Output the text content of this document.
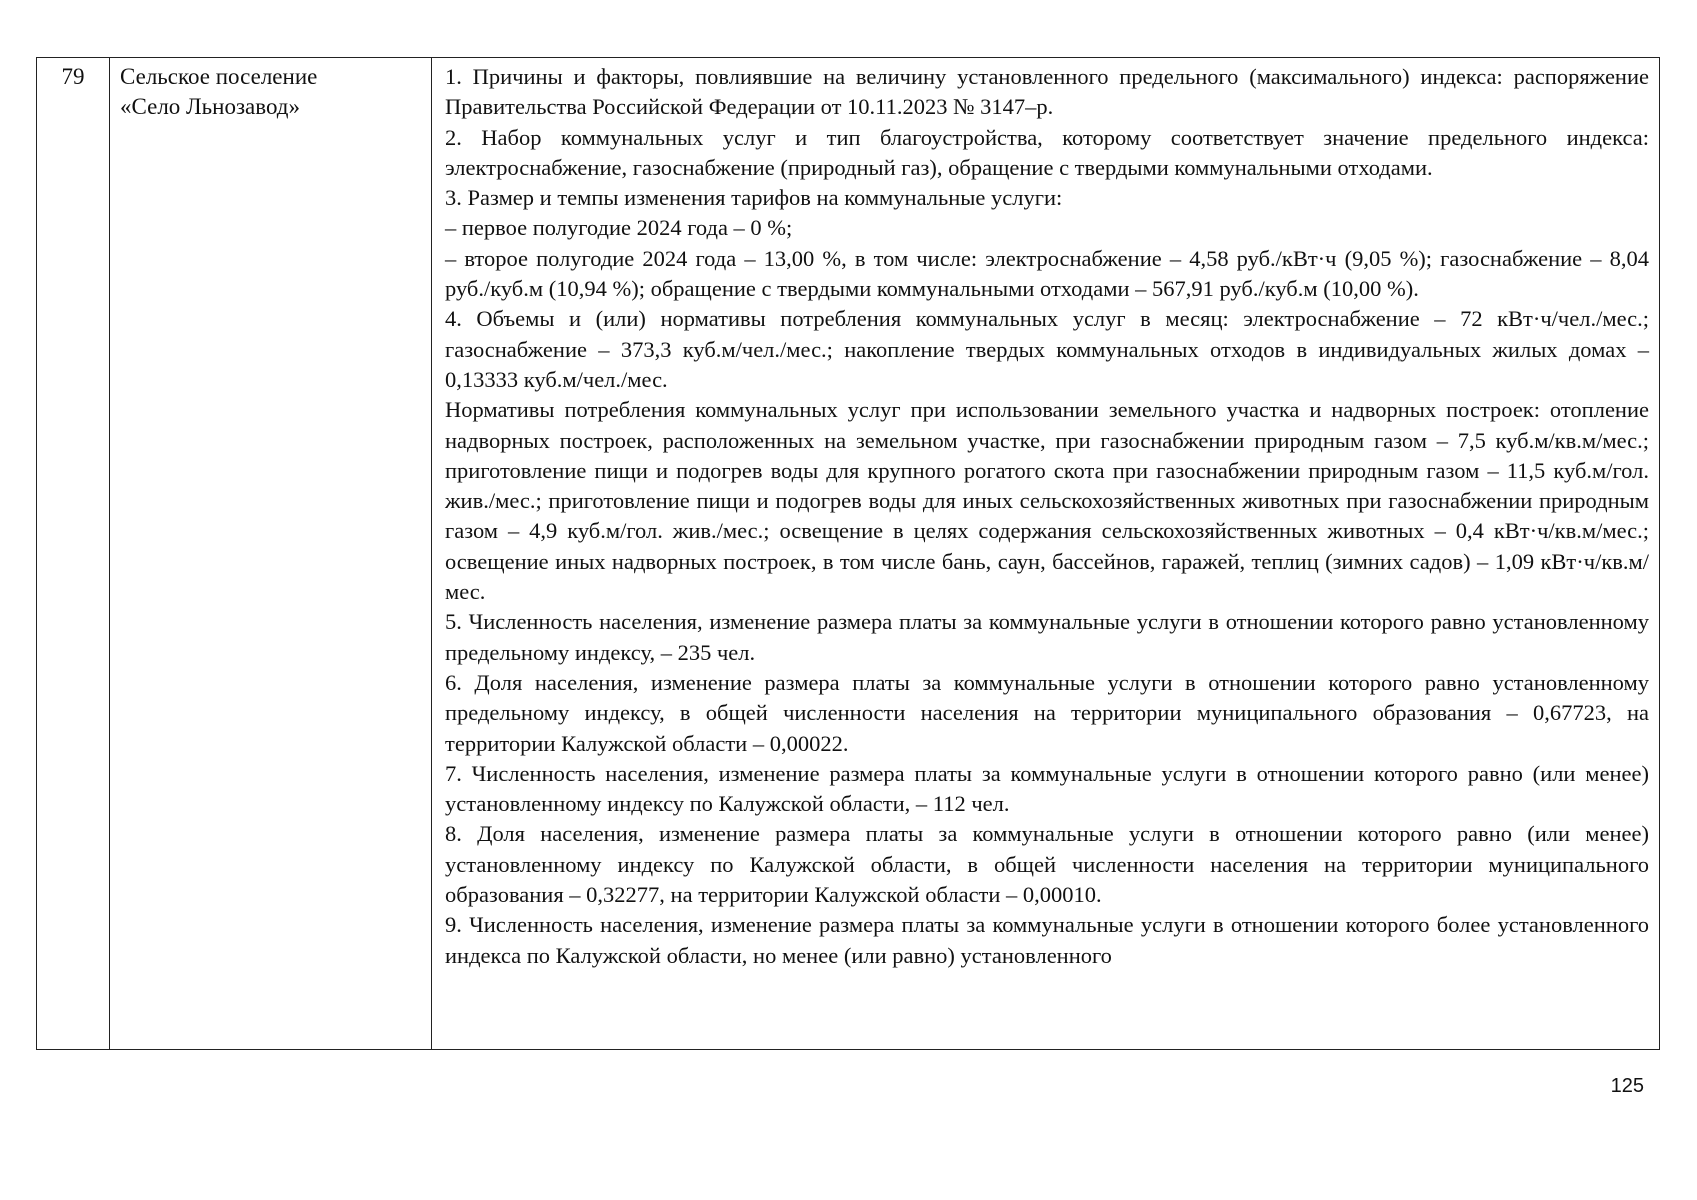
79	Сельское поселение
«Село Льнозавод»

1. Причины и факторы, повлиявшие на величину установленного предельного (максимального) индекса: распоряжение Правительства Российской Федерации от 10.11.2023 № 3147–р.

2. Набор коммунальных услуг и тип благоустройства, которому соответствует значение предельного индекса: электроснабжение, газоснабжение (природный газ), обращение с твердыми коммунальными отходами.

3. Размер и темпы изменения тарифов на коммунальные услуги:

– первое полугодие 2024 года – 0 %;

– второе полугодие 2024 года – 13,00 %, в том числе: электроснабжение – 4,58 руб./кВт·ч (9,05 %); газоснабжение – 8,04 руб./куб.м (10,94 %); обращение с твердыми коммунальными отходами – 567,91 руб./куб.м (10,00 %).

4. Объемы и (или) нормативы потребления коммунальных услуг в месяц: электроснабжение – 72 кВт·ч/чел./мес.; газоснабжение – 373,3 куб.м/чел./мес.; накопление твердых коммунальных отходов в индивидуальных жилых домах – 0,13333 куб.м/чел./мес.

Нормативы потребления коммунальных услуг при использовании земельного участка и надворных построек: отопление надворных построек, расположенных на земельном участке, при газоснабжении природным газом – 7,5 куб.м/кв.м/мес.; приготовление пищи и подогрев воды для крупного рогатого скота при газоснабжении природным газом – 11,5 куб.м/гол. жив./мес.; приготовление пищи и подогрев воды для иных сельскохозяйственных животных при газоснабжении природным газом – 4,9 куб.м/гол. жив./мес.; освещение в целях содержания сельскохозяйственных животных – 0,4 кВт·ч/кв.м/мес.; освещение иных надворных построек, в том числе бань, саун, бассейнов, гаражей, теплиц (зимних садов) – 1,09 кВт·ч/кв.м/мес.

5. Численность населения, изменение размера платы за коммунальные услуги в отношении которого равно установленному предельному индексу, – 235 чел.

6. Доля населения, изменение размера платы за коммунальные услуги в отношении которого равно установленному предельному индексу, в общей численности населения на территории муниципального образования – 0,67723, на территории Калужской области – 0,00022.

7. Численность населения, изменение размера платы за коммунальные услуги в отношении которого равно (или менее) установленному индексу по Калужской области, – 112 чел.

8. Доля населения, изменение размера платы за коммунальные услуги в отношении которого равно (или менее) установленному индексу по Калужской области, в общей численности населения на территории муниципального образования – 0,32277, на территории Калужской области – 0,00010.

9. Численность населения, изменение размера платы за коммунальные услуги в отношении которого более установленного индекса по Калужской области, но менее (или равно) установленного

125
